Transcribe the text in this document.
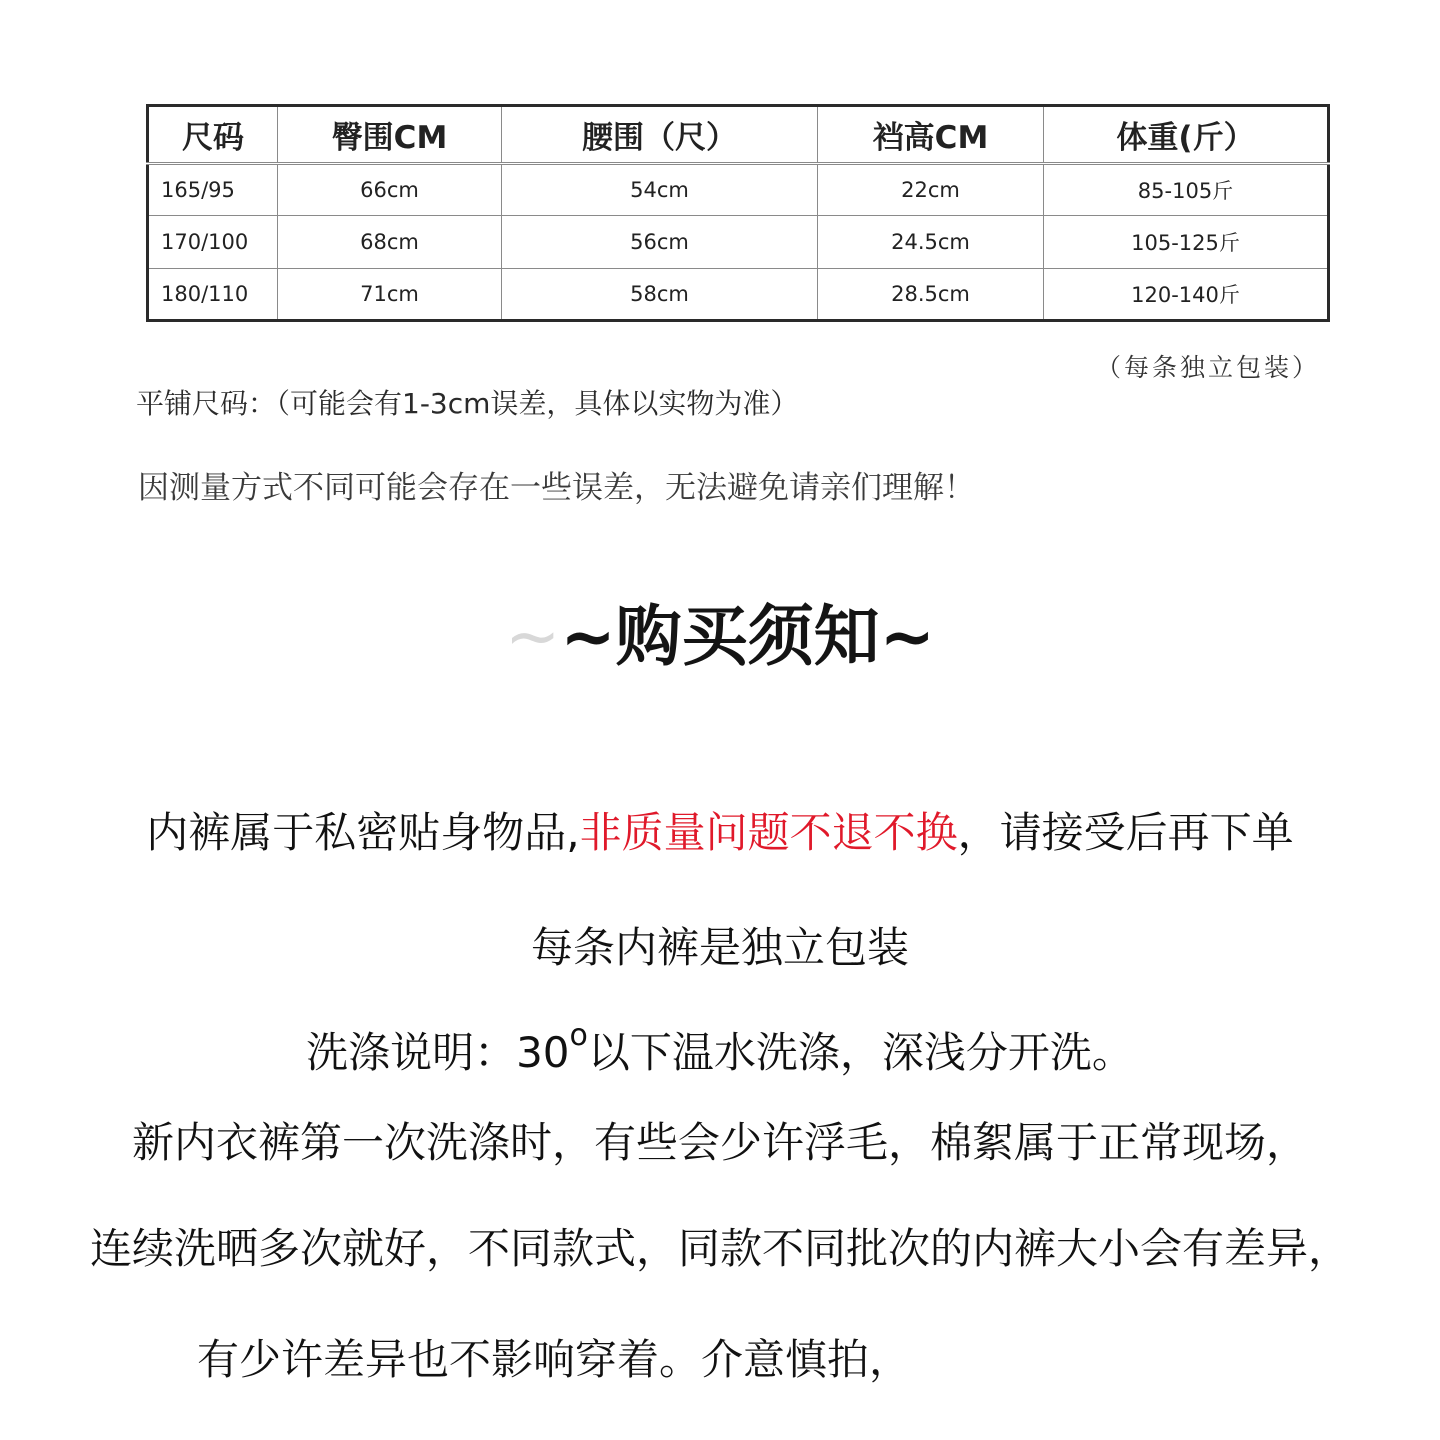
尺码	臀围CM	腰围（尺）	裆高CM	体重(斤）
165/95	66cm	54cm	22cm	85-105斤
170/100	68cm	56cm	24.5cm	105-125斤
180/110	71cm	58cm	28.5cm	120-140斤
（每条独立包装）
平铺尺码：（可能会有1-3cm误差，具体以实物为准）
因测量方式不同可能会存在一些误差，无法避免请亲们理解！
~~购买须知~
内裤属于私密贴身物品,非质量问题不退不换，请接受后再下单
每条内裤是独立包装
洗涤说明：30$^o$以下温水洗涤，深浅分开洗。
新内衣裤第一次洗涤时，有些会少许浮毛，棉絮属于正常现场，
连续洗晒多次就好，不同款式，同款不同批次的内裤大小会有差异，
有少许差异也不影响穿着。介意慎拍，
